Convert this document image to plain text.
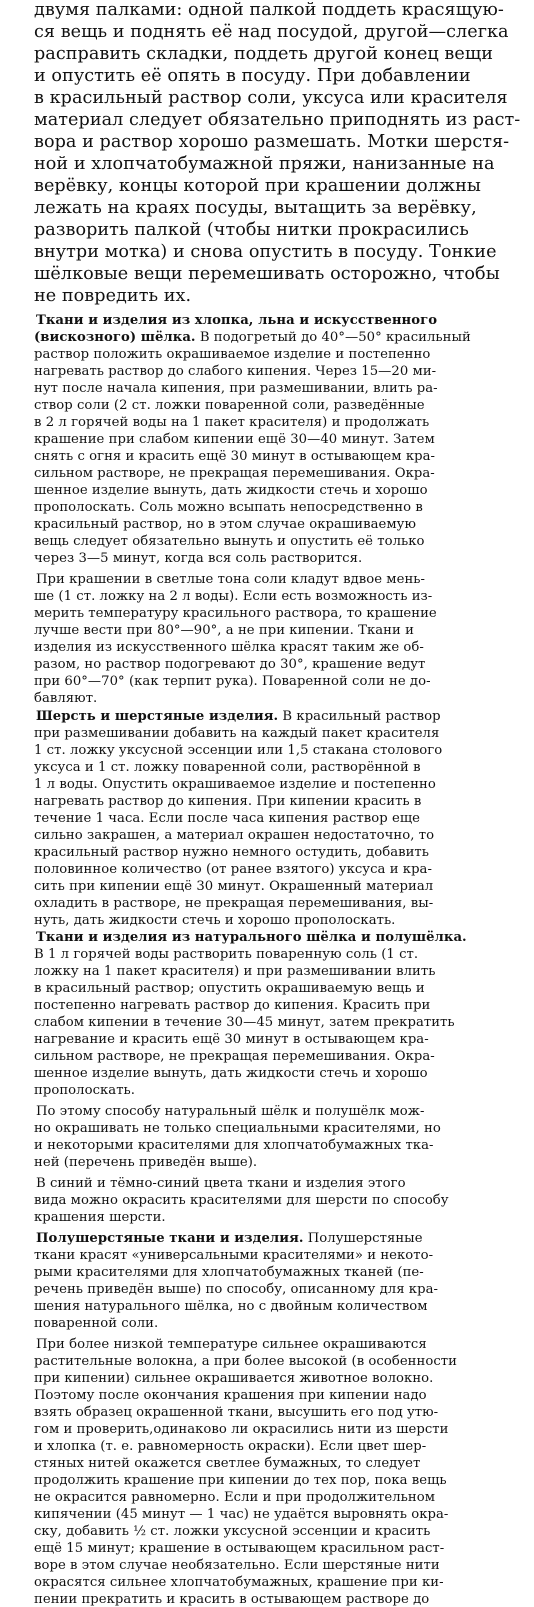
двумя палками: одной палкой поддеть красящую-
ся вещь и поднять её над посудой, другой—слегка
расправить складки, поддеть другой конец вещи
и опустить её опять в посуду. При добавлении
в красильный раствор соли, уксуса или красителя
материал следует обязательно приподнять из раст-
вора и раствор хорошо размешать. Мотки шерстя-
ной и хлопчатобумажной пряжи, нанизанные на
верёвку, концы которой при крашении должны
лежать на краях посуды, вытащить за верёвку,
разворить палкой (чтобы нитки прокрасились
внутри мотка) и снова опустить в посуду. Тонкие
шёлковые вещи перемешивать осторожно, чтобы
не повредить их.
Ткани и изделия из хлопка, льна и искусственного
(вискозного) шёлка. В подогретый до 40°—50° красильный
раствор положить окрашиваемое изделие и постепенно
нагревать раствор до слабого кипения. Через 15—20 ми-
нут после начала кипения, при размешивании, влить ра-
створ соли (2 ст. ложки поваренной соли, разведённые
в 2 л горячей воды на 1 пакет красителя) и продолжать
крашение при слабом кипении ещё 30—40 минут. Затем
снять с огня и красить ещё 30 минут в остывающем кра-
сильном растворе, не прекращая перемешивания. Окра-
шенное изделие вынуть, дать жидкости стечь и хорошо
прополоскать. Соль можно всыпать непосредственно в
красильный раствор, но в этом случае окрашиваемую
вещь следует обязательно вынуть и опустить её только
через 3—5 минут, когда вся соль растворится.
При крашении в светлые тона соли кладут вдвое мень-
ше (1 ст. ложку на 2 л воды). Если есть возможность из-
мерить температуру красильного раствора, то крашение
лучше вести при 80°—90°, а не при кипении. Ткани и
изделия из искусственного шёлка красят таким же об-
разом, но раствор подогревают до 30°, крашение ведут
при 60°—70° (как терпит рука). Поваренной соли не до-
бавляют.
Шерсть и шерстяные изделия. В красильный раствор
при размешивании добавить на каждый пакет красителя
1 ст. ложку уксусной эссенции или 1,5 стакана столового
уксуса и 1 ст. ложку поваренной соли, растворённой в
1 л воды. Опустить окрашиваемое изделие и постепенно
нагревать раствор до кипения. При кипении красить в
течение 1 часа. Если после часа кипения раствор еще
сильно закрашен, а материал окрашен недостаточно, то
красильный раствор нужно немного остудить, добавить
половинное количество (от ранее взятого) уксуса и кра-
сить при кипении ещё 30 минут. Окрашенный материал
охладить в растворе, не прекращая перемешивания, вы-
нуть, дать жидкости стечь и хорошо прополоскать.
Ткани и изделия из натурального шёлка и полушёлка.
В 1 л горячей воды растворить поваренную соль (1 ст.
ложку на 1 пакет красителя) и при размешивании влить
в красильный раствор; опустить окрашиваемую вещь и
постепенно нагревать раствор до кипения. Красить при
слабом кипении в течение 30—45 минут, затем прекратить
нагревание и красить ещё 30 минут в остывающем кра-
сильном растворе, не прекращая перемешивания. Окра-
шенное изделие вынуть, дать жидкости стечь и хорошо
прополоскать.
По этому способу натуральный шёлк и полушёлк мож-
но окрашивать не только специальными красителями, но
и некоторыми красителями для хлопчатобумажных тка-
ней (перечень приведён выше).
В синий и тёмно-синий цвета ткани и изделия этого
вида можно окрасить красителями для шерсти по способу
крашения шерсти.
Полушерстяные ткани и изделия. Полушерстяные
ткани красят «универсальными красителями» и некото-
рыми красителями для хлопчатобумажных тканей (пе-
речень приведён выше) по способу, описанному для кра-
шения натурального шёлка, но с двойным количеством
поваренной соли.
При более низкой температуре сильнее окрашиваются
растительные волокна, а при более высокой (в особенности
при кипении) сильнее окрашивается животное волокно.
Поэтому после окончания крашения при кипении надо
взять образец окрашенной ткани, высушить его под утю-
гом и проверить,одинаково ли окрасились нити из шерсти
и хлопка (т. е. равномерность окраски). Если цвет шер-
стяных нитей окажется светлее бумажных, то следует
продолжить крашение при кипении до тех пор, пока вещь
не окрасится равномерно. Если и при продолжительном
кипячении (45 минут — 1 час) не удаётся выровнять окра-
ску, добавить ½ ст. ложки уксусной эссенции и красить
ещё 15 минут; крашение в остывающем красильном раст-
воре в этом случае необязательно. Если шерстяные нити
окрасятся сильнее хлопчатобумажных, крашение при ки-
пении прекратить и красить в остывающем растворе до
